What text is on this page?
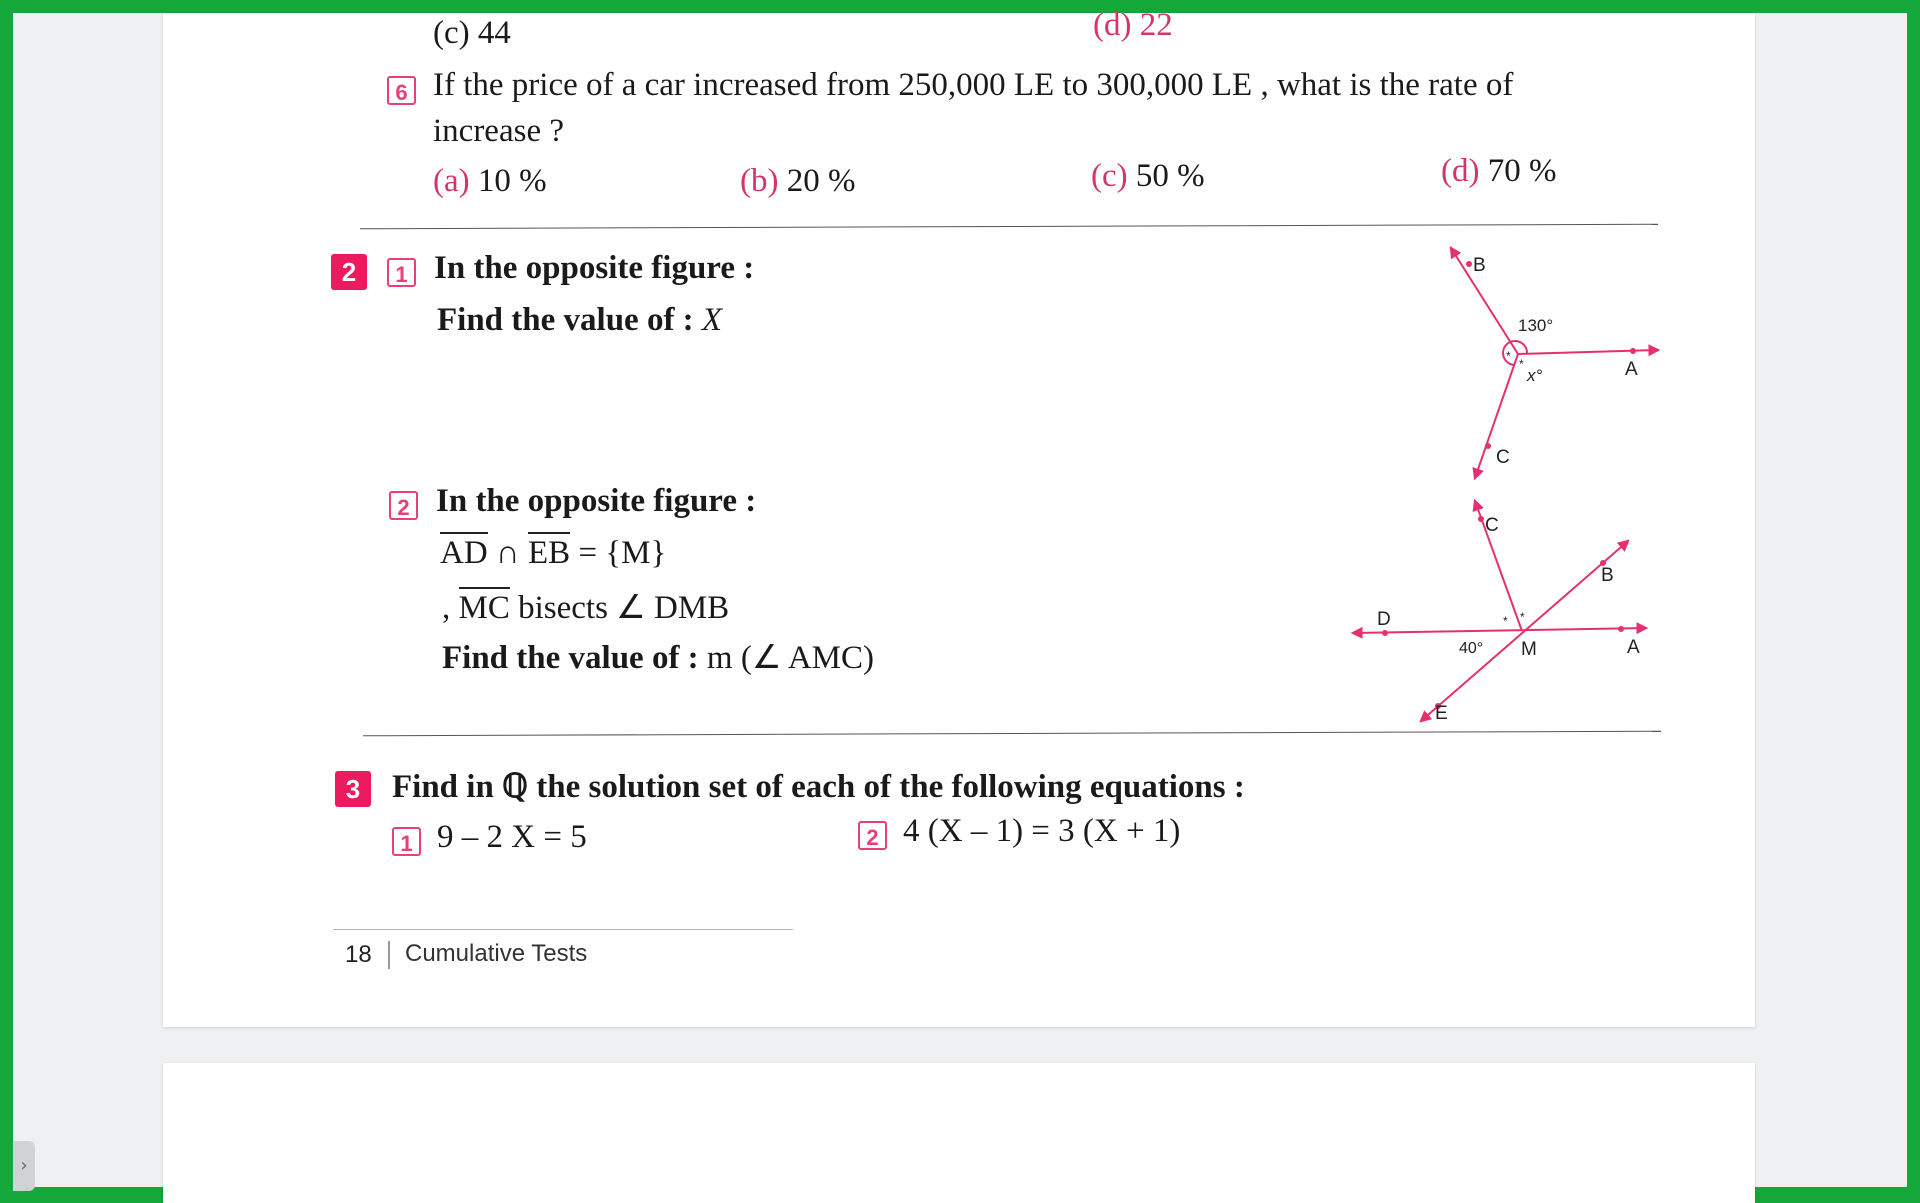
(c) 44	(d) 22
6 If the price of a car increased from 250,000 LE to 300,000 LE , what is the rate of
increase ?
(a) 10 %	(b) 20 %	(c) 50 %	(d) 70 %
2	1 In the opposite figure :
Find the value of : X
B
130°
A
x°
C
*
*
2 In the opposite figure :
AD ∩ EB = {M}
, MC bisects ∠ DMB
Find the value of : m (∠ AMC)
C
B
D
40° M	A
E
* *
3 Find in ℚ the solution set of each of the following equations :
1 9 – 2 X = 5	2 4 (X – 1) = 3 (X + 1)
18 Cumulative Tests
›
